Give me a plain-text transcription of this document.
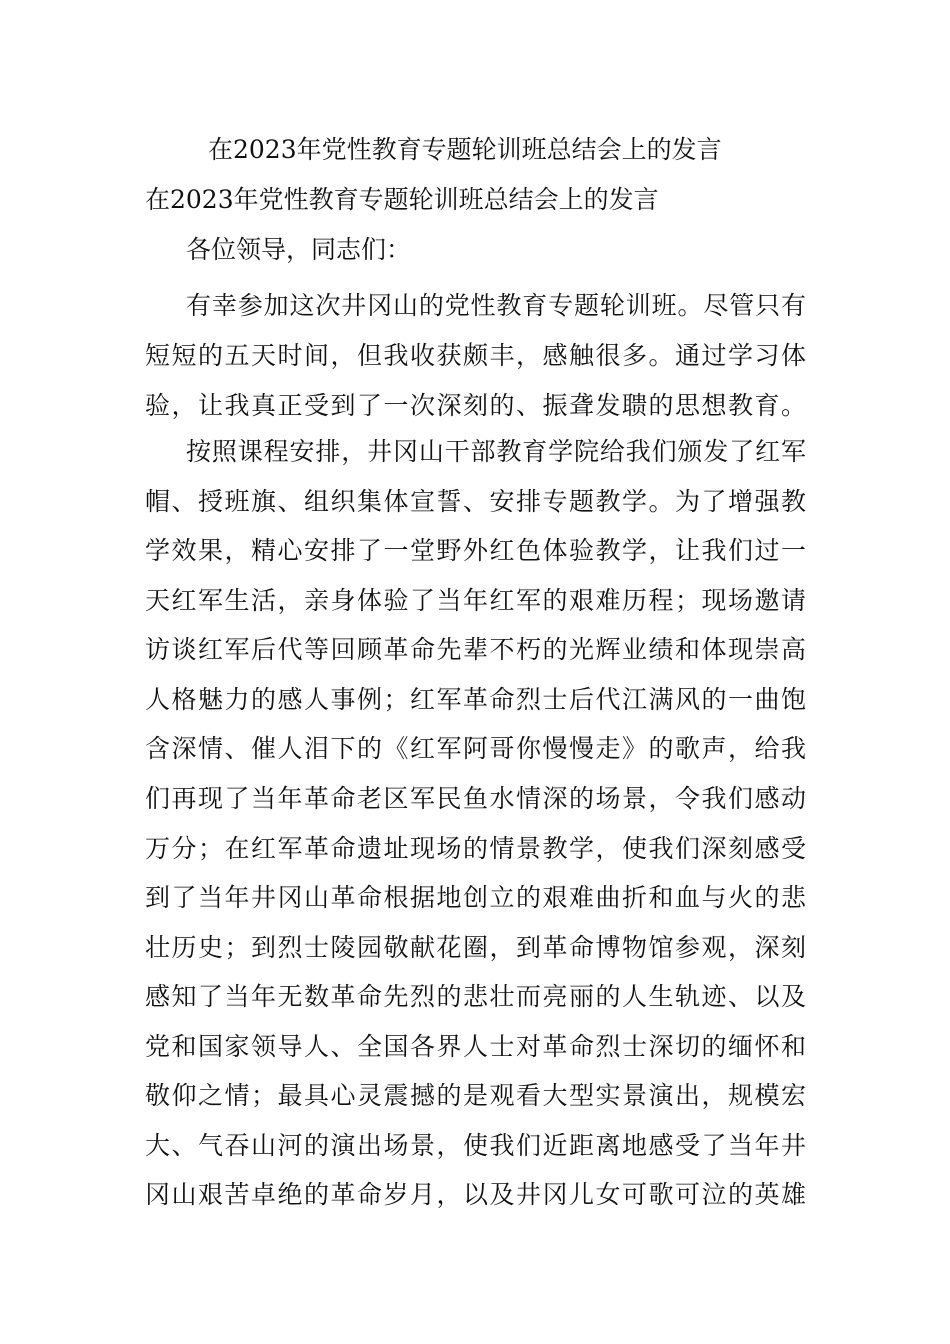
在2023年党性教育专题轮训班总结会上的发言
在2023年党性教育专题轮训班总结会上的发言

各位领导，同志们：

有幸参加这次井冈山的党性教育专题轮训班。尽管只有

短短的五天时间，但我收获颇丰，感触很多。通过学习体

验，让我真正受到了一次深刻的、振聋发聩的思想教育。

按照课程安排，井冈山干部教育学院给我们颁发了红军

帽、授班旗、组织集体宣誓、安排专题教学。为了增强教

学效果，精心安排了一堂野外红色体验教学，让我们过一

天红军生活，亲身体验了当年红军的艰难历程；现场邀请

访谈红军后代等回顾革命先辈不朽的光辉业绩和体现崇高

人格魅力的感人事例；红军革命烈士后代江满风的一曲饱

含深情、催人泪下的《红军阿哥你慢慢走》的歌声，给我

们再现了当年革命老区军民鱼水情深的场景，令我们感动

万分；在红军革命遗址现场的情景教学，使我们深刻感受

到了当年井冈山革命根据地创立的艰难曲折和血与火的悲

壮历史；到烈士陵园敬献花圈，到革命博物馆参观，深刻

感知了当年无数革命先烈的悲壮而亮丽的人生轨迹、以及

党和国家领导人、全国各界人士对革命烈士深切的缅怀和

敬仰之情；最具心灵震撼的是观看大型实景演出，规模宏

大、气吞山河的演出场景，使我们近距离地感受了当年井

冈山艰苦卓绝的革命岁月，以及井冈儿女可歌可泣的英雄
